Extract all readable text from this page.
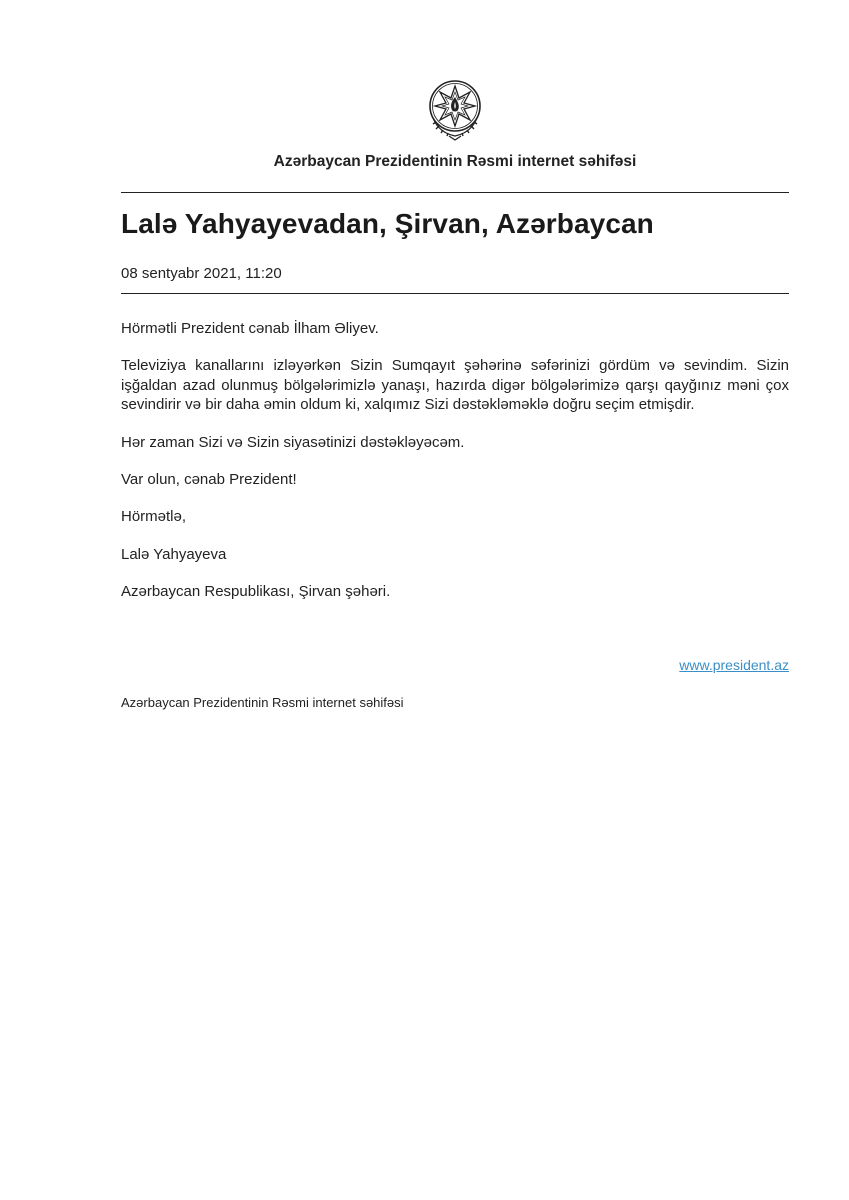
Azərbaycan Prezidentinin Rəsmi internet səhifəsi
Lalə Yahyayevadan, Şirvan, Azərbaycan
08 sentyabr 2021, 11:20

Hörmətli Prezident cənab İlham Əliyev.

Televiziya kanallarını izləyərkən Sizin Sumqayıt şəhərinə səfərinizi gördüm və sevindim. Sizin işğaldan azad olunmuş bölgələrimizlə yanaşı, hazırda digər bölgələrimizə qarşı qayğınız məni çox sevindirir və bir daha əmin oldum ki, xalqımız Sizi dəstəkləməklə doğru seçim etmişdir.

Hər zaman Sizi və Sizin siyasətinizi dəstəkləyəcəm.

Var olun, cənab Prezident!

Hörmətlə,

Lalə Yahyayeva

Azərbaycan Respublikası, Şirvan şəhəri.

www.president.az
Azərbaycan Prezidentinin Rəsmi internet səhifəsi
